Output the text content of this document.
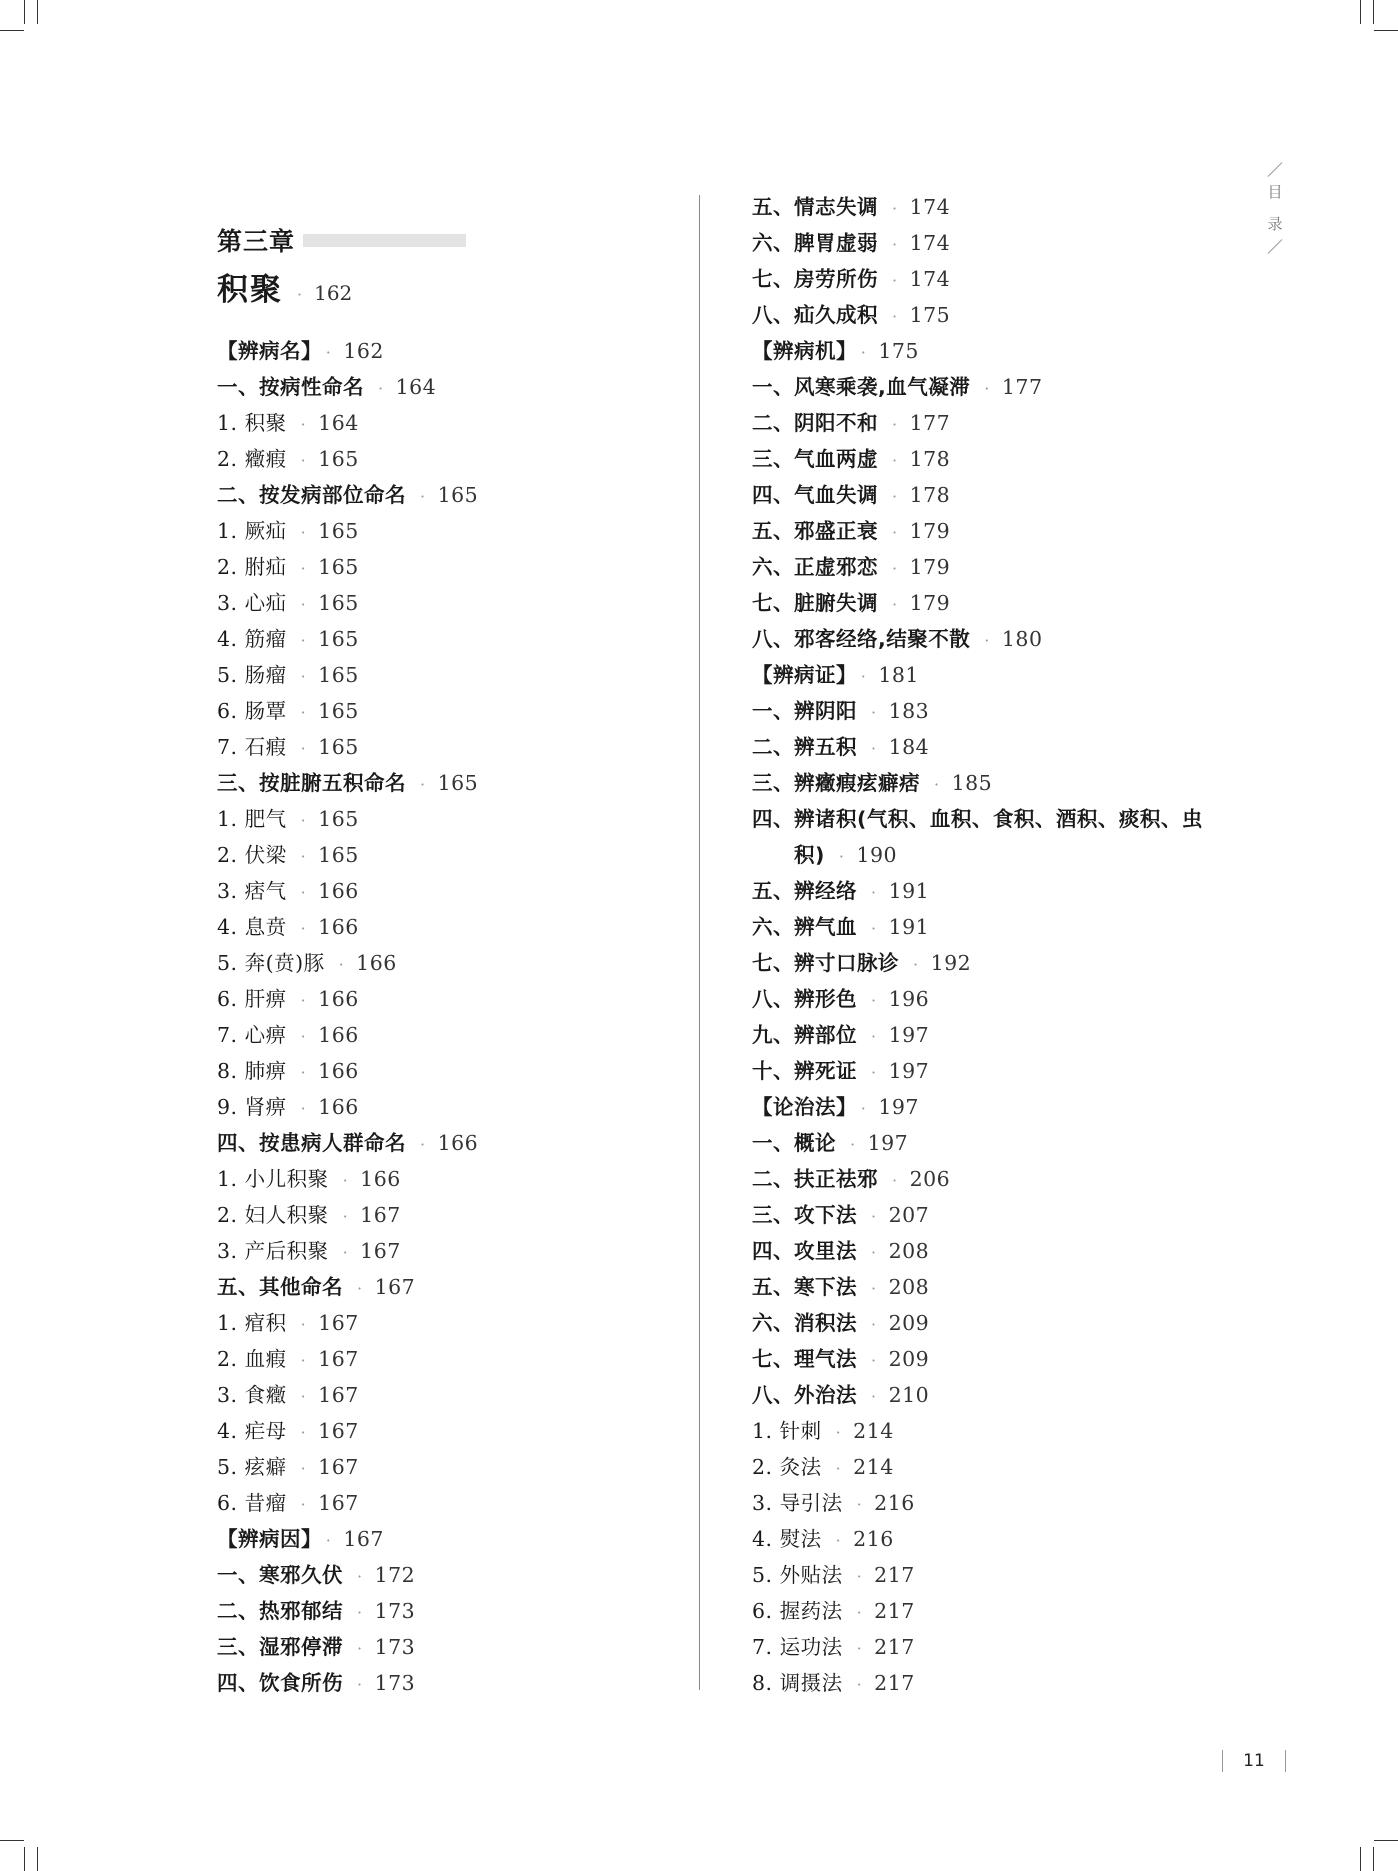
第三章
积聚 · 162
【辨病名】 · 162
一、按病性命名 · 164
1. 积聚 · 164
2. 癥瘕 · 165
二、按发病部位命名 · 165
1. 厥疝 · 165
2. 胕疝 · 165
3. 心疝 · 165
4. 筋瘤 · 165
5. 肠瘤 · 165
6. 肠覃 · 165
7. 石瘕 · 165
三、按脏腑五积命名 · 165
1. 肥气 · 165
2. 伏梁 · 165
3. 痞气 · 166
4. 息贲 · 166
5. 奔(贲)豚 · 166
6. 肝痹 · 166
7. 心痹 · 166
8. 肺痹 · 166
9. 肾痹 · 166
四、按患病人群命名 · 166
1. 小儿积聚 · 166
2. 妇人积聚 · 167
3. 产后积聚 · 167
五、其他命名 · 167
1. 痯积 · 167
2. 血瘕 · 167
3. 食癥 · 167
4. 疟母 · 167
5. 痃癖 · 167
6. 昔瘤 · 167
【辨病因】 · 167
一、寒邪久伏 · 172
二、热邪郁结 · 173
三、湿邪停滞 · 173
四、饮食所伤 · 173
五、情志失调 · 174
六、脾胃虚弱 · 174
七、房劳所伤 · 174
八、疝久成积 · 175
【辨病机】 · 175
一、风寒乘袭,血气凝滞 · 177
二、阴阳不和 · 177
三、气血两虚 · 178
四、气血失调 · 178
五、邪盛正衰 · 179
六、正虚邪恋 · 179
七、脏腑失调 · 179
八、邪客经络,结聚不散 · 180
【辨病证】 · 181
一、辨阴阳 · 183
二、辨五积 · 184
三、辨癥瘕痃癖痞 · 185
四、辨诸积(气积、血积、食积、酒积、痰积、虫
积) · 190
五、辨经络 · 191
六、辨气血 · 191
七、辨寸口脉诊 · 192
八、辨形色 · 196
九、辨部位 · 197
十、辨死证 · 197
【论治法】 · 197
一、概论 · 197
二、扶正祛邪 · 206
三、攻下法 · 207
四、攻里法 · 208
五、寒下法 · 208
六、消积法 · 209
七、理气法 · 209
八、外治法 · 210
1. 针刺 · 214
2. 灸法 · 214
3. 导引法 · 216
4. 熨法 · 216
5. 外贴法 · 217
6. 握药法 · 217
7. 运功法 · 217
8. 调摄法 · 217
目
录
11
